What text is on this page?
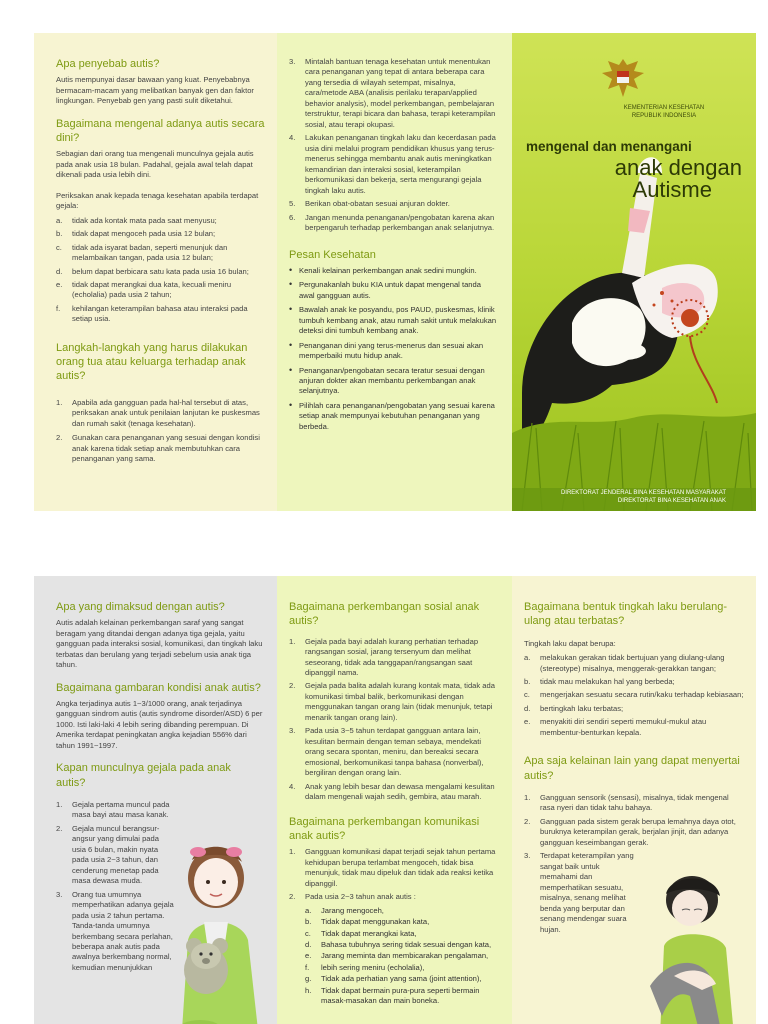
Apa penyebab autis?

Autis mempunyai dasar bawaan yang kuat. Penyebabnya bermacam-macam yang melibatkan banyak gen dan faktor lingkungan. Penyebab gen yang pasti sulit diketahui.

Bagaimana mengenal adanya autis secara dini?

Sebagian dari orang tua mengenali munculnya gejala autis pada anak usia 18 bulan. Padahal, gejala awal telah dapat dikenali pada usia lebih dini.

Periksakan anak kepada tenaga kesehatan apabila terdapat gejala:

a.	tidak ada kontak mata pada saat menyusu;
b.	tidak dapat mengoceh pada usia 12 bulan;
c.	tidak ada isyarat badan, seperti menunjuk dan melambaikan tangan, pada usia 12 bulan;
d.	belum dapat berbicara satu kata pada usia 16 bulan;
e.	tidak dapat merangkai dua kata, kecuali meniru (echolalia) pada usia 2 tahun;
f.	kehilangan keterampilan bahasa atau interaksi pada setiap usia.
Langkah-langkah yang harus dilakukan orang tua atau keluarga terhadap anak autis?
1.	Apabila ada gangguan pada hal-hal tersebut di atas, periksakan anak untuk penilaian lanjutan ke puskesmas dan rumah sakit (tenaga kesehatan).
2.	Gunakan cara penanganan yang sesuai dengan kondisi anak karena tidak setiap anak membutuhkan cara penanganan yang sama.
3.	Mintalah bantuan tenaga kesehatan untuk menentukan cara penanganan yang tepat di antara beberapa cara yang tersedia di wilayah setempat, misalnya, cara/metode ABA (analisis perilaku terapan/applied behavior analysis), model perkembangan, pembelajaran terstruktur, terapi bicara dan bahasa, terapi keterampilan sosial, atau terapi okupasi.
4.	Lakukan penanganan tingkah laku dan kecerdasan pada usia dini melalui program pendidikan khusus yang terus-menerus sehingga membantu anak autis meningkatkan kemandirian dan interaksi sosial, keterampilan berkomunikasi dan bekerja, serta mengurangi gejala tingkah laku autis.
5.	Berikan obat-obatan sesuai anjuran dokter.
6.	Jangan menunda penanganan/pengobatan karena akan berpengaruh terhadap perkembangan anak selanjutnya.
Pesan Kesehatan
• Kenali kelainan perkembangan anak sedini mungkin.
• Pergunakanlah buku KIA untuk dapat mengenal tanda awal gangguan autis.
• Bawalah anak ke posyandu, pos PAUD, puskesmas, klinik tumbuh kembang anak, atau rumah sakit untuk melakukan deteksi dini tumbuh kembang anak.
• Penanganan dini yang terus-menerus dan sesuai akan memperbaiki mutu hidup anak.
• Penanganan/pengobatan secara teratur sesuai dengan anjuran dokter akan membantu perkembangan anak selanjutnya.
• Pilihlah cara penanganan/pengobatan yang sesuai karena setiap anak mempunyai kebutuhan penanganan yang berbeda.
KEMENTERIAN KESEHATAN
REPUBLIK INDONESIA
mengenal dan menangani
anak dengan
Autisme
DIREKTORAT JENDERAL BINA KESEHATAN MASYARAKAT
DIREKTORAT BINA KESEHATAN ANAK
Apa yang dimaksud dengan autis?

Autis adalah kelainan perkembangan saraf yang sangat beragam yang ditandai dengan adanya tiga gejala, yaitu gangguan pada interaksi sosial, komunikasi, dan tingkah laku terbatas dan berulang yang terjadi sebelum usia anak tiga tahun.

Bagaimana gambaran kondisi anak autis?

Angka terjadinya autis 1~3/1000 orang, anak terjadinya gangguan sindrom autis (autis syndrome disorder/ASD) 6 per 1000. Isti laki-laki 4 lebih sering dibanding perempuan. Di Amerika terdapat peningkatan angka kejadian 556% dari tahun 1991~1997.

Kapan munculnya gejala pada anak autis?
1.	Gejala pertama muncul pada masa bayi atau masa kanak.
2.	Gejala muncul berangsur-angsur yang dimulai pada usia 6 bulan, makin nyata pada usia 2~3 tahun, dan cenderung menetap pada masa dewasa muda.
3.	Orang tua umumnya memperhatikan adanya gejala pada usia 2 tahun pertama. Tanda-tanda umumnya berkembang secara perlahan, beberapa anak autis pada awalnya berkembang normal, kemudian menunjukkan
Bagaimana perkembangan sosial anak autis?
1.	Gejala pada bayi adalah kurang perhatian terhadap rangsangan sosial, jarang tersenyum dan melihat seseorang, tidak ada tanggapan/rangsangan saat dipanggil nama.
2.	Gejala pada balita adalah kurang kontak mata, tidak ada komunikasi timbal balik, berkomunikasi dengan menggunakan tangan orang lain (tidak menunjuk, tetapi menarik tangan orang lain).
3.	Pada usia 3~5 tahun terdapat gangguan antara lain, kesulitan bermain dengan teman sebaya, mendekati orang secara spontan, meniru, dan bereaksi secara emosional, berkomunikasi tanpa bahasa (nonverbal), bergiliran dengan orang lain.
4.	Anak yang lebih besar dan dewasa mengalami kesulitan dalam mengenali wajah sedih, gembira, atau marah.
Bagaimana perkembangan komunikasi anak autis?
1.	Gangguan komunikasi dapat terjadi sejak tahun pertama kehidupan berupa terlambat mengoceh, tidak bisa menunjuk, tidak mau dipeluk dan tidak ada reaksi ketika dipanggil.
2.	Pada usia 2~3 tahun anak autis :
a.	Jarang mengoceh,
b.	Tidak dapat menggunakan kata,
c.	Tidak dapat merangkai kata,
d.	Bahasa tubuhnya sering tidak sesuai dengan kata,
e.	Jarang meminta dan membicarakan pengalaman,
f.	lebih sering meniru (echolalia),
g.	Tidak ada perhatian yang sama (joint attention),
h.	Tidak dapat bermain pura-pura seperti bermain masak-masakan dan main boneka.
Bagaimana bentuk tingkah laku berulang-ulang atau terbatas?

Tingkah laku dapat berupa:

a.	melakukan gerakan tidak bertujuan yang diulang-ulang (stereotype) misalnya, menggerak-gerakkan tangan;
b.	tidak mau melakukan hal yang berbeda;
c.	mengerjakan sesuatu secara rutin/kaku terhadap kebiasaan;
d.	bertingkah laku terbatas;
e.	menyakiti diri sendiri seperti memukul-mukul atau membentur-benturkan kepala.
Apa saja kelainan lain yang dapat menyertai autis?
1.	Gangguan sensorik (sensasi), misalnya, tidak mengenal rasa nyeri dan tidak tahu bahaya.
2.	Gangguan pada sistem gerak berupa lemahnya daya otot, buruknya keterampilan gerak, berjalan jinjit, dan adanya gangguan keseimbangan gerak.
3.	Terdapat keterampilan yang sangat baik untuk memahami dan memperhatikan sesuatu, misalnya, senang melihat benda yang berputar dan senang mendengar suara hujan.
